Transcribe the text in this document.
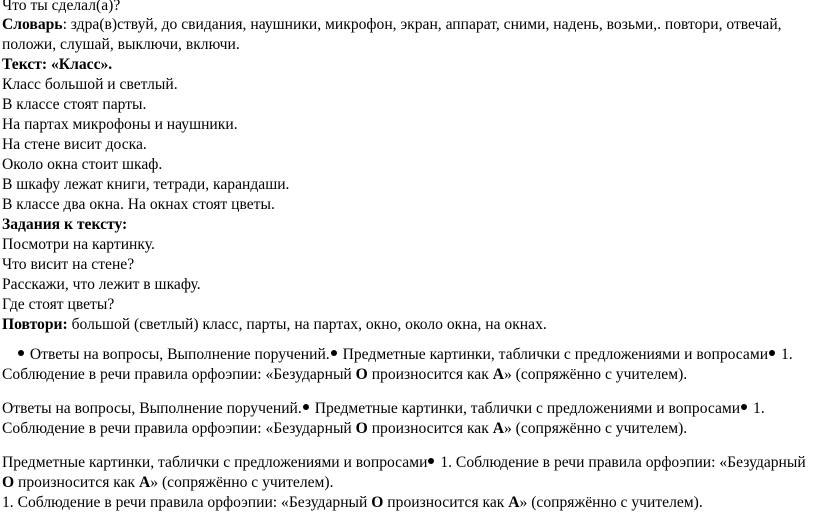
Что ты сделал(а)?
Словарь: здра(в)ствуй, до свидания, наушники, микрофон, экран, аппарат, сними, надень, возьми,. повтори, отвечай,
положи, слушай, выключи, включи.
Текст: «Класс».
Класс большой и светлый.
В классе стоят парты.
На партах микрофоны и наушники.
На стене висит доска.
Около окна стоит шкаф.
В шкафу лежат книги, тетради, карандаши.
В классе два окна. На окнах стоят цветы.
Задания к тексту:
Посмотри на картинку.
Что висит на стене?
Расскажи, что лежит в шкафу.
Где стоят цветы?
Повтори: большой (светлый) класс, парты, на партах, окно, около окна, на окнах.
Ответы на вопросы, Выполнение поручений. Предметные картинки, таблички с предложениями и вопросами 1.
Соблюдение в речи правила орфоэпии: «Безударный О произносится как А» (сопряжённо с учителем).
Ответы на вопросы, Выполнение поручений. Предметные картинки, таблички с предложениями и вопросами 1.
Соблюдение в речи правила орфоэпии: «Безударный О произносится как А» (сопряжённо с учителем).
Предметные картинки, таблички с предложениями и вопросами 1. Соблюдение в речи правила орфоэпии: «Безударный
О произносится как А» (сопряжённо с учителем).
1. Соблюдение в речи правила орфоэпии: «Безударный О произносится как А» (сопряжённо с учителем).
